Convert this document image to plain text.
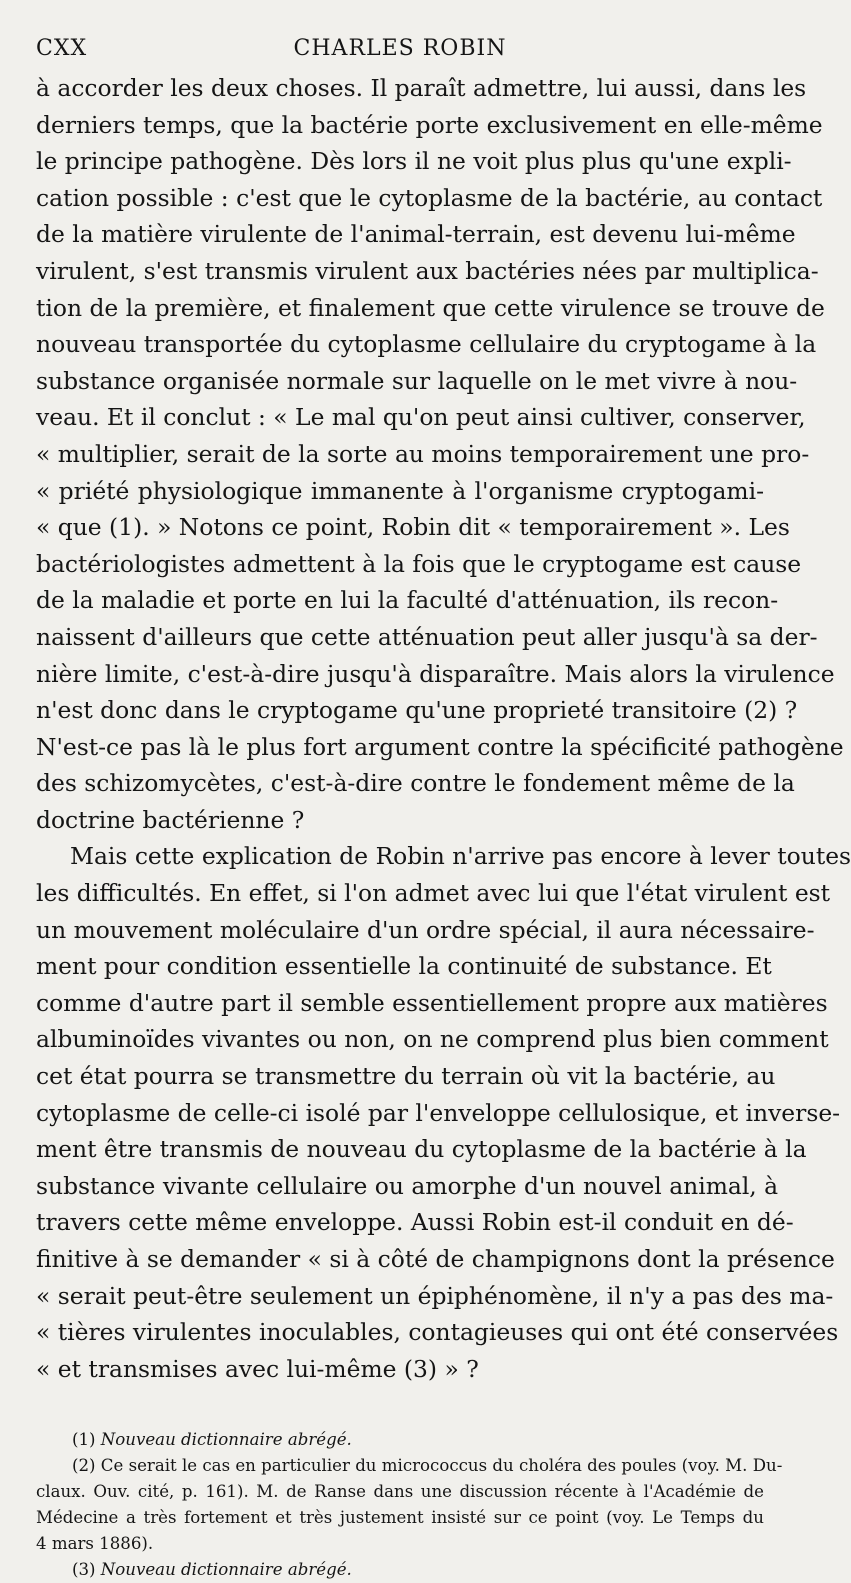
CXX	CHARLES ROBIN

à accorder les deux choses. Il paraît admettre, lui aussi, dans les
derniers temps, que la bactérie porte exclusivement en elle-même
le principe pathogène. Dès lors il ne voit plus plus qu'une expli-
cation possible : c'est que le cytoplasme de la bactérie, au contact
de la matière virulente de l'animal-terrain, est devenu lui-même
virulent, s'est transmis virulent aux bactéries nées par multiplica-
tion de la première, et finalement que cette virulence se trouve de
nouveau transportée du cytoplasme cellulaire du cryptogame à la
substance organisée normale sur laquelle on le met vivre à nou-
veau. Et il conclut : « Le mal qu'on peut ainsi cultiver, conserver,
« multiplier, serait de la sorte au moins temporairement une pro-
« priété physiologique immanente à l'organisme cryptogami-
« que (1). » Notons ce point, Robin dit « temporairement ». Les
bactériologistes admettent à la fois que le cryptogame est cause
de la maladie et porte en lui la faculté d'atténuation, ils recon-
naissent d'ailleurs que cette atténuation peut aller jusqu'à sa der-
nière limite, c'est-à-dire jusqu'à disparaître. Mais alors la virulence
n'est donc dans le cryptogame qu'une proprieté transitoire (2) ?
N'est-ce pas là le plus fort argument contre la spécificité pathogène
des schizomycètes, c'est-à-dire contre le fondement même de la
doctrine bactérienne ?

Mais cette explication de Robin n'arrive pas encore à lever toutes
les difficultés. En effet, si l'on admet avec lui que l'état virulent est
un mouvement moléculaire d'un ordre spécial, il aura nécessaire-
ment pour condition essentielle la continuité de substance. Et
comme d'autre part il semble essentiellement propre aux matières
albuminoïdes vivantes ou non, on ne comprend plus bien comment
cet état pourra se transmettre du terrain où vit la bactérie, au
cytoplasme de celle-ci isolé par l'enveloppe cellulosique, et inverse-
ment être transmis de nouveau du cytoplasme de la bactérie à la
substance vivante cellulaire ou amorphe d'un nouvel animal, à
travers cette même enveloppe. Aussi Robin est-il conduit en dé-
finitive à se demander « si à côté de champignons dont la présence
« serait peut-être seulement un épiphénomène, il n'y a pas des ma-
« tières virulentes inoculables, contagieuses qui ont été conservées
« et transmises avec lui-même (3) » ?

(1) Nouveau dictionnaire abrégé.
(2) Ce serait le cas en particulier du micrococcus du choléra des poules (voy. M. Du-
claux. Ouv. cité, p. 161). M. de Ranse dans une discussion récente à l'Académie de
Médecine a très fortement et très justement insisté sur ce point (voy. Le Temps du
4 mars 1886).
(3) Nouveau dictionnaire abrégé.
